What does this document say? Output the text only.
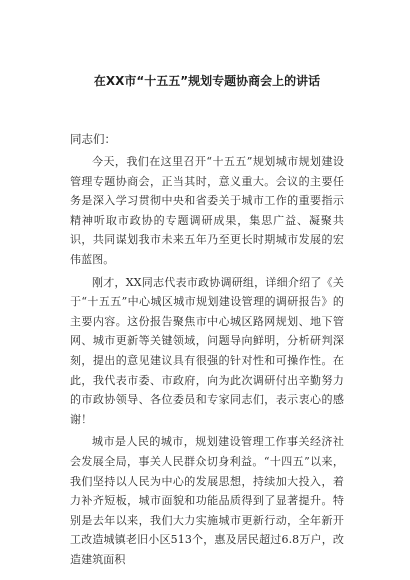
在XX市“十五五”规划专题协商会上的讲话

同志们：

今天，我们在这里召开“十五五”规划城市规划建设管理专题协商会，正当其时，意义重大。会议的主要任务是深入学习贯彻中央和省委关于城市工作的重要指示精神听取市政协的专题调研成果，集思广益、凝聚共识，共同谋划我市未来五年乃至更长时期城市发展的宏伟蓝图。

刚才，XX同志代表市政协调研组，详细介绍了《关于“十五五”中心城区城市规划建设管理的调研报告》的主要内容。这份报告聚焦市中心城区路网规划、地下管网、城市更新等关键领域，问题导向鲜明，分析研判深刻，提出的意见建议具有很强的针对性和可操作性。在此，我代表市委、市政府，向为此次调研付出辛勤努力的市政协领导、各位委员和专家同志们，表示衷心的感谢！

城市是人民的城市，规划建设管理工作事关经济社会发展全局，事关人民群众切身利益。“十四五”以来，我们坚持以人民为中心的发展思想，持续加大投入，着力补齐短板，城市面貌和功能品质得到了显著提升。特别是去年以来，我们大力实施城市更新行动，全年新开工改造城镇老旧小区513个，惠及居民超过6.8万户，改造建筑面积
